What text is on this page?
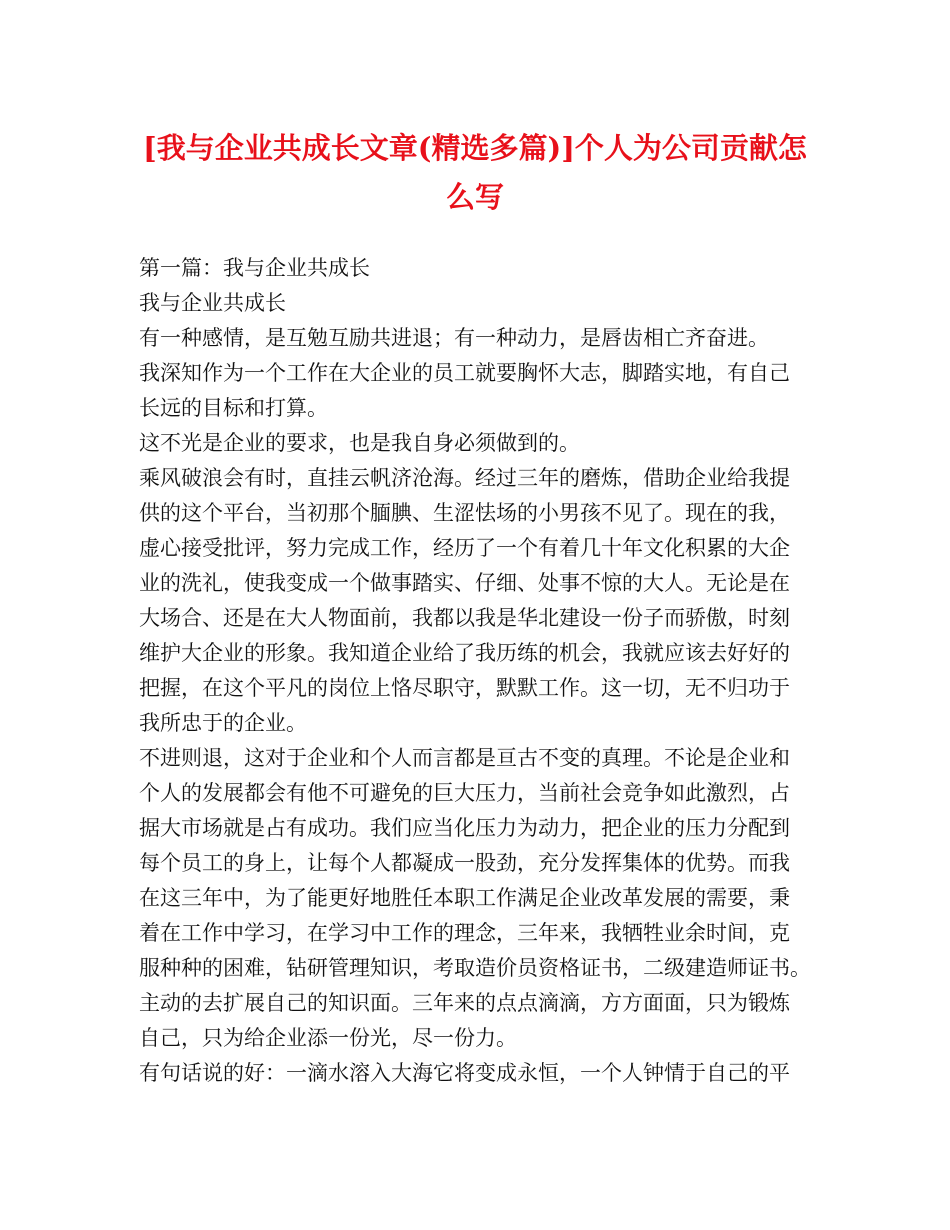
[我与企业共成长文章(精选多篇)]个人为公司贡献怎
么写
第一篇：我与企业共成长
我与企业共成长
有一种感情，是互勉互励共进退；有一种动力，是唇齿相亡齐奋进。
我深知作为一个工作在大企业的员工就要胸怀大志，脚踏实地，有自己
长远的目标和打算。
这不光是企业的要求，也是我自身必须做到的。
乘风破浪会有时，直挂云帆济沧海。经过三年的磨炼，借助企业给我提
供的这个平台，当初那个腼腆、生涩怯场的小男孩不见了。现在的我，
虚心接受批评，努力完成工作，经历了一个有着几十年文化积累的大企
业的洗礼，使我变成一个做事踏实、仔细、处事不惊的大人。无论是在
大场合、还是在大人物面前，我都以我是华北建设一份子而骄傲，时刻
维护大企业的形象。我知道企业给了我历练的机会，我就应该去好好的
把握，在这个平凡的岗位上恪尽职守，默默工作。这一切，无不归功于
我所忠于的企业。
不进则退，这对于企业和个人而言都是亘古不变的真理。不论是企业和
个人的发展都会有他不可避免的巨大压力，当前社会竞争如此激烈，占
据大市场就是占有成功。我们应当化压力为动力，把企业的压力分配到
每个员工的身上，让每个人都凝成一股劲，充分发挥集体的优势。而我
在这三年中，为了能更好地胜任本职工作满足企业改革发展的需要，秉
着在工作中学习，在学习中工作的理念，三年来，我牺牲业余时间，克
服种种的困难，钻研管理知识，考取造价员资格证书，二级建造师证书。
主动的去扩展自己的知识面。三年来的点点滴滴，方方面面，只为锻炼
自己，只为给企业添一份光，尽一份力。
有句话说的好：一滴水溶入大海它将变成永恒，一个人钟情于自己的平
